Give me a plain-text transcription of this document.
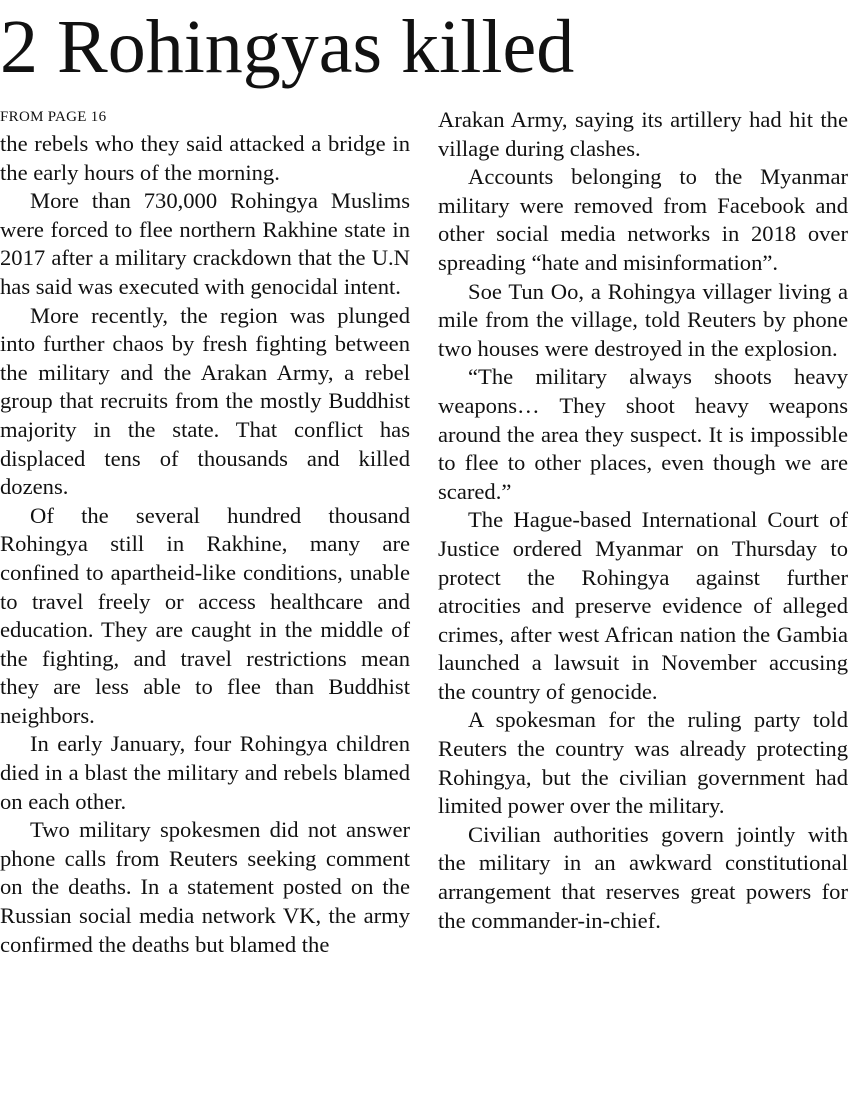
2 Rohingyas killed
FROM PAGE 16

the rebels who they said attacked a bridge in the early hours of the morning.

More than 730,000 Rohingya Muslims were forced to flee northern Rakhine state in 2017 after a military crackdown that the U.N has said was executed with genocidal intent.

More recently, the region was plunged into further chaos by fresh fighting between the military and the Arakan Army, a rebel group that recruits from the mostly Buddhist majority in the state. That conflict has displaced tens of thousands and killed dozens.

Of the several hundred thousand Rohingya still in Rakhine, many are confined to apartheid-like conditions, unable to travel freely or access healthcare and education. They are caught in the middle of the fighting, and travel restrictions mean they are less able to flee than Buddhist neighbors.

In early January, four Rohingya children died in a blast the military and rebels blamed on each other.

Two military spokesmen did not answer phone calls from Reuters seeking comment on the deaths. In a statement posted on the Russian social media network VK, the army confirmed the deaths but blamed the

Arakan Army, saying its artillery had hit the village during clashes.

Accounts belonging to the Myanmar military were removed from Facebook and other social media networks in 2018 over spreading “hate and misinformation”.

Soe Tun Oo, a Rohingya villager living a mile from the village, told Reuters by phone two houses were destroyed in the explosion.

“The military always shoots heavy weapons… They shoot heavy weapons around the area they suspect. It is impossible to flee to other places, even though we are scared.”

The Hague-based International Court of Justice ordered Myanmar on Thursday to protect the Rohingya against further atrocities and preserve evidence of alleged crimes, after west African nation the Gambia launched a lawsuit in November accusing the country of genocide.

A spokesman for the ruling party told Reuters the country was already protecting Rohingya, but the civilian government had limited power over the military.

Civilian authorities govern jointly with the military in an awkward constitutional arrangement that reserves great powers for the commander-in-chief.
